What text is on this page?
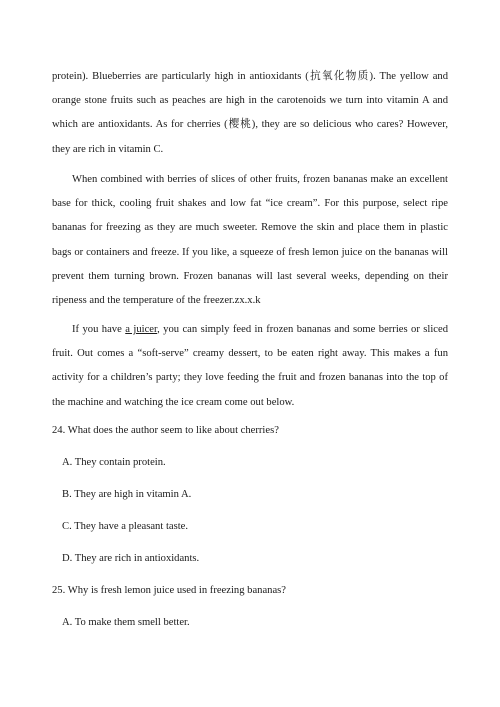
protein). Blueberries are particularly high in antioxidants (抗氧化物质). The yellow and orange stone fruits such as peaches are high in the carotenoids we turn into vitamin A and which are antioxidants. As for cherries (樱桃), they are so delicious who cares? However, they are rich in vitamin C.

When combined with berries of slices of other fruits, frozen bananas make an excellent base for thick, cooling fruit shakes and low fat “ice cream”. For this purpose, select ripe bananas for freezing as they are much sweeter. Remove the skin and place them in plastic bags or containers and freeze. If you like, a squeeze of fresh lemon juice on the bananas will prevent them turning brown. Frozen bananas will last several weeks, depending on their ripeness and the temperature of the freezer.zx.x.k

If you have a juicer, you can simply feed in frozen bananas and some berries or sliced fruit. Out comes a “soft-serve” creamy dessert, to be eaten right away. This makes a fun activity for a children’s party; they love feeding the fruit and frozen bananas into the top of the machine and watching the ice cream come out below.

24. What does the author seem to like about cherries?

A. They contain protein.

B. They are high in vitamin A.

C. They have a pleasant taste.

D. They are rich in antioxidants.

25. Why is fresh lemon juice used in freezing bananas?

A. To make them smell better.
